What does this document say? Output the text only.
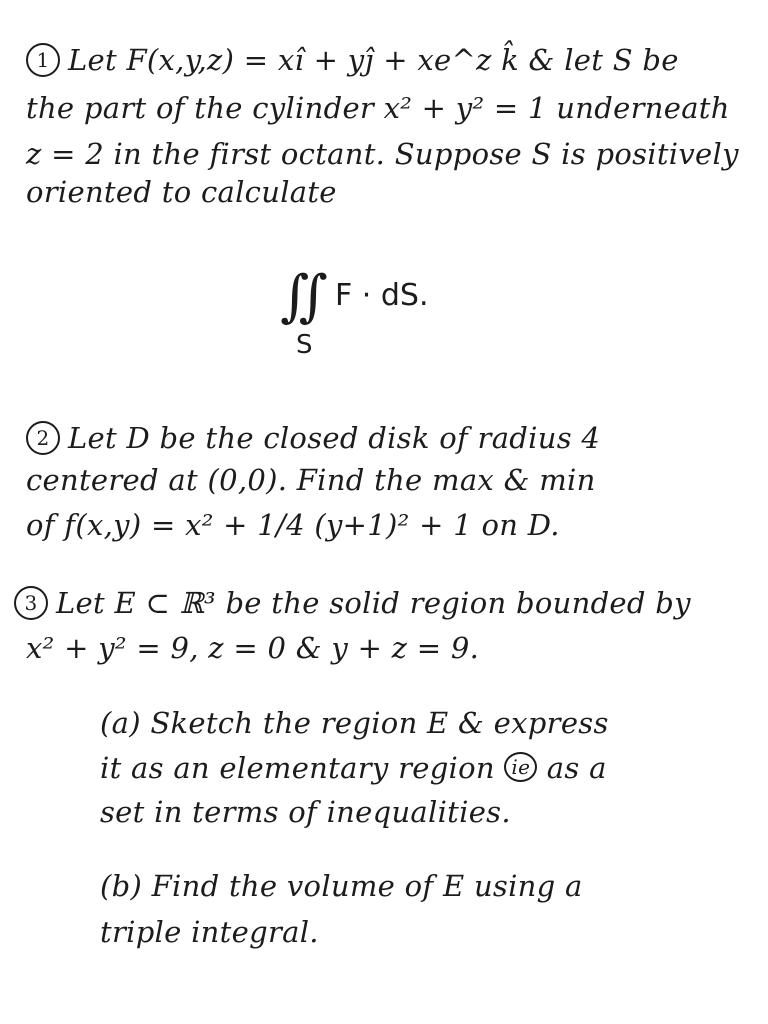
1 Let F(x,y,z) = xî + yĵ + xe^z k̂ & let S be

the part of the cylinder x² + y² = 1 underneath

z = 2 in the first octant. Suppose S is positively

oriented to calculate

∬ F · dS.
S

2 Let D be the closed disk of radius 4

centered at (0,0). Find the max & min

of f(x,y) = x² + 1/4 (y+1)² + 1 on D.

3 Let E ⊂ ℝ³ be the solid region bounded by

x² + y² = 9, z = 0 & y + z = 9.

(a) Sketch the region E & express

it as an elementary region ie as a

set in terms of inequalities.

(b) Find the volume of E using a

triple integral.
